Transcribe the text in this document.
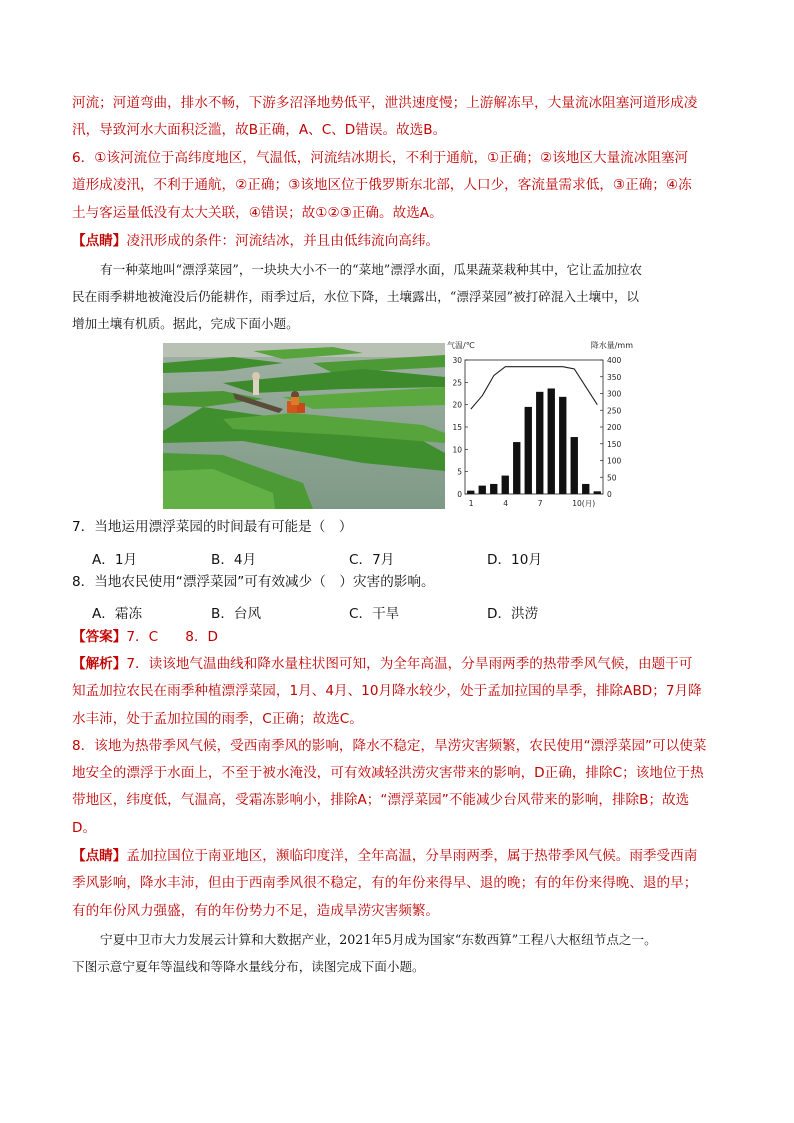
河流；河道弯曲，排水不畅，下游多沼泽地势低平，泄洪速度慢；上游解冻早，大量流冰阻塞河道形成凌
汛，导致河水大面积泛滥，故B正确，A、C、D错误。故选B。
6．①该河流位于高纬度地区，气温低，河流结冰期长，不利于通航，①正确；②该地区大量流冰阻塞河
道形成凌汛，不利于通航，②正确；③该地区位于俄罗斯东北部，人口少，客流量需求低，③正确；④冻
土与客运量低没有太大关联，④错误；故①②③正确。故选A。
【点睛】凌汛形成的条件：河流结冰，并且由低纬流向高纬。
有一种菜地叫“漂浮菜园”，一块块大小不一的“菜地”漂浮水面，瓜果蔬菜栽种其中，它让孟加拉农
民在雨季耕地被淹没后仍能耕作，雨季过后，水位下降，土壤露出，“漂浮菜园”被打碎混入土壤中，以
增加土壤有机质。据此，完成下面小题。
气温/℃	降水量/mm
0
5
10
15
20
25
30
0
50
100
150
200
250
300
350
400
1	4	7	10(月)
7．当地运用漂浮菜园的时间最有可能是（　）
A．1月	B．4月	C．7月	D．10月
8．当地农民使用“漂浮菜园”可有效减少（　）灾害的影响。
A．霜冻	B．台风	C．干旱	D．洪涝
【答案】7．C　　8．D
【解析】7．读该地气温曲线和降水量柱状图可知，为全年高温，分旱雨两季的热带季风气候，由题干可
知孟加拉农民在雨季种植漂浮菜园，1月、4月、10月降水较少，处于孟加拉国的旱季，排除ABD；7月降
水丰沛，处于孟加拉国的雨季，C正确；故选C。
8．该地为热带季风气候，受西南季风的影响，降水不稳定，旱涝灾害频繁，农民使用“漂浮菜园”可以使菜
地安全的漂浮于水面上，不至于被水淹没，可有效减轻洪涝灾害带来的影响，D正确，排除C；该地位于热
带地区，纬度低，气温高，受霜冻影响小，排除A；“漂浮菜园”不能减少台风带来的影响，排除B；故选
D。
【点睛】孟加拉国位于南亚地区，濒临印度洋，全年高温，分旱雨两季，属于热带季风气候。雨季受西南
季风影响，降水丰沛，但由于西南季风很不稳定，有的年份来得早、退的晚；有的年份来得晚、退的早；
有的年份风力强盛，有的年份势力不足，造成旱涝灾害频繁。
宁夏中卫市大力发展云计算和大数据产业，2021年5月成为国家“东数西算”工程八大枢纽节点之一。
下图示意宁夏年等温线和等降水量线分布，读图完成下面小题。
